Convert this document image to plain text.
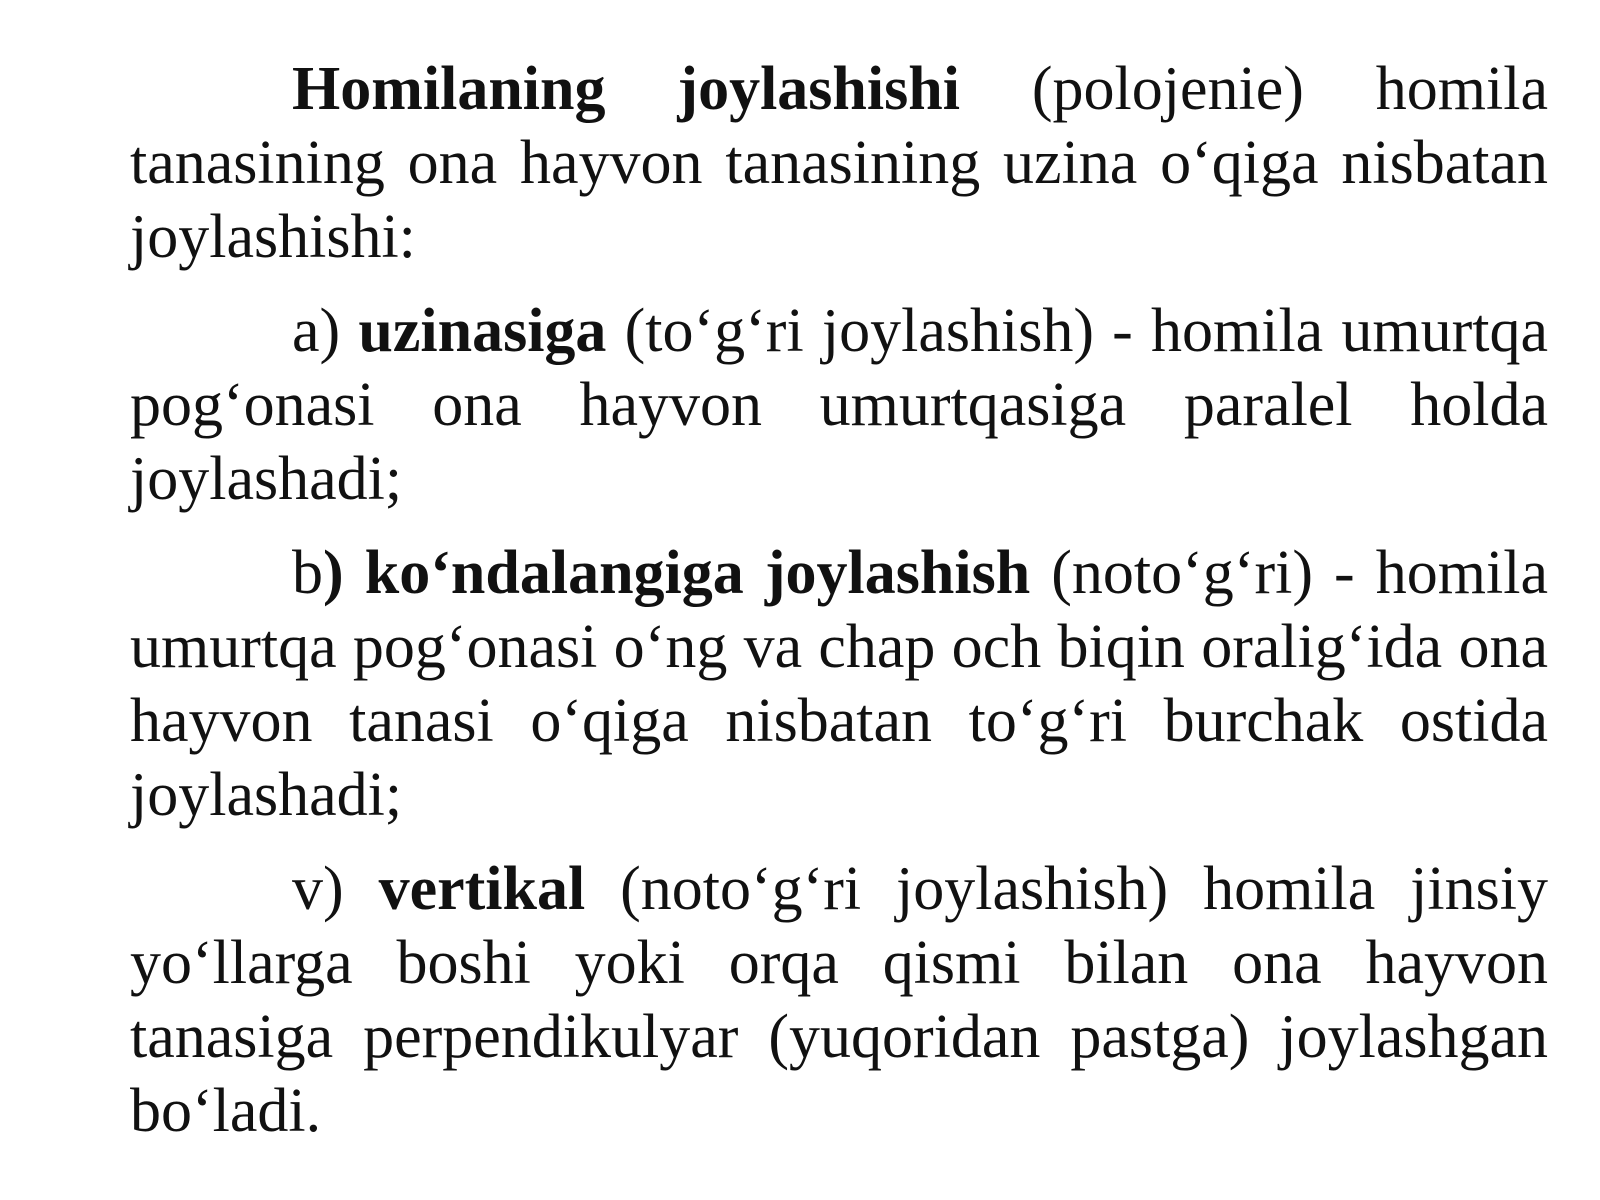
Homilaning joylashishi (polojenie) homila tanasining ona hayvon tanasining uzina o‘qiga nisbatan joylashishi:

a) uzinasiga (to‘g‘ri joylashish) - homila umurtqa pog‘onasi ona hayvon umurtqasiga paralel holda joylashadi;

b) ko‘ndalangiga joylashish (noto‘g‘ri) - homila umurtqa pog‘onasi o‘ng va chap och biqin oralig‘ida ona hayvon tanasi o‘qiga nisbatan to‘g‘ri burchak ostida joylashadi;

v) vertikal (noto‘g‘ri joylashish) homila jinsiy yo‘llarga boshi yoki orqa qismi bilan ona hayvon tanasiga perpendikulyar (yuqoridan pastga) joylashgan bo‘ladi.
